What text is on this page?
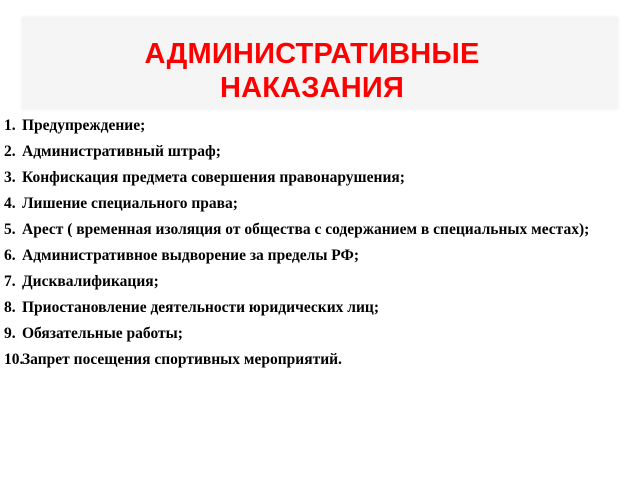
АДМИНИСТРАТИВНЫЕ
НАКАЗАНИЯ
1. Предупреждение;
2. Административный штраф;
3. Конфискация предмета совершения правонарушения;
4. Лишение специального права;
5. Арест ( временная изоляция от общества с содержанием в специальных местах);
6. Административное выдворение за пределы РФ;
7. Дисквалификация;
8. Приостановление деятельности юридических лиц;
9. Обязательные работы;
10.
Запрет посещения спортивных мероприятий.
